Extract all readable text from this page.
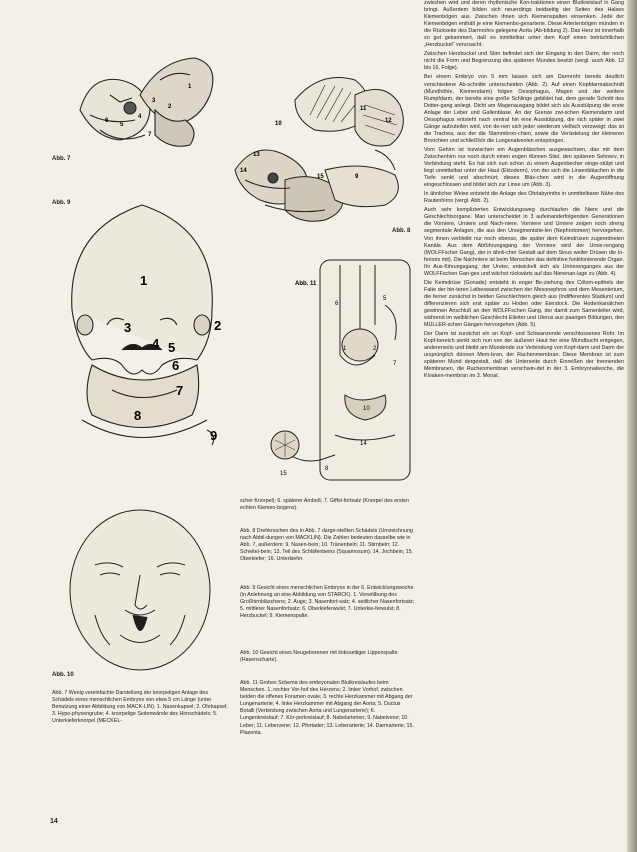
1
2
3
4
5
6
7
Abb. 7
10
11
12
13
14
15	9
Abb. 8
1
2
3
4 5
6
7
8
9
Abb. 9
Abb. 11
1	2
6
5
10
14
15
8
7
Abb. 10
scher Knorpel); 6. späterer Amboß; 7. Giffel-fortsatz (Knorpel des ersten echten Kiemen-bogens).
Abb. 8 Drehknochen des in Abb. 7 darge-stellten Schädels (Umzeichnung nach Abbil-dungen von MACKLIN). Die Zahlen bedeuten dasselbe wie in Abb. 7, außerdem: 9. Nasen-bein; 10. Tränenbein; 11. Stirnbein; 12. Scheitel-bein; 13. Teil des Schläfenbeins (Squamosum); 14. Jochbein; 15. Oberkiefer; 16. Unterkiefer.
Abb. 9 Gesicht eines menschlichen Embryos in der 6. Entwicklungswoche (in Anlehnung an eine Abbildung von STARCK). 1. Vorwölbung des Großhirnbläschens; 2. Auge; 3. Nasenfort-satz; 4. seitlicher Nasenfortsatz; 5. mittlerer Nasenfortsatz; 6. Oberkieferwulst; 7. Unterkie-ferwulst; 8. Herzbuckel; 9. Kiemenspalte.
Abb. 10 Gesicht eines Neugeborenen mit linksseitiger Lippenspalte (Hasenscharte).
Abb. 11 Grobes Schema des embryonalen Blutkreislaufes beim Menschen. 1. rechter Vor-hof des Herzens; 2. linker Vorhof, zwischen beiden die offenes Foramen ovale; 3. rechte Herzkammer mit Abgang der Lungenarterie; 4. linke Herzkammer mit Abgang der Aorta; 5. Ductus Botalli (Verbindung zwischen Aorta und Lungenarterie); 6. Lungenkreislauf; 7. Kör-perkreislauf; 8. Nabelarterien; 9. Nabelvene; 10. Leber; 11. Lebervene; 12. Pfortader; 13. Leberarterie; 14. Darmarterie; 15. Plazenta.
Abb. 7 Wenig vereinfachte Darstellung der knorpeligen Anlage des Schädels eines menschlichen Embryos von etwa 5 cm Länge (unter Benutzung einer Abbildung von MACK-LIN). 1. Nasenkapsel; 2. Ohrkapsel; 3. Hypo-physengrube; 4. knorpelige Seitenwände des Hirnschädels; 5. Unterkieferknorpel (MECKEL-

zwischen wird und deren rhythmische Kon-traktionen einen Blutkreislauf in Gang bringt. Außerdem bilden sich neuerdings beidseitig der Seiten des Halses Kiemenbögen aus. Zwischen ihnen sich Kiemenspalten einsenken. Jede der Kiemenbögen enthält je eine Kiemenbo-genarterie. Diese Arterienbögen münden in die Rückseite des Darmrohrs gelegene Aorta (Ab-bildung 2). Das Herz ist innerhalb so gut gekammert, daß es inmittelbar unter dem Kopf einen beträchtlichen „Herzbuckel“ verursacht.

Zwischen Herzbuckel und Stirn befindet sich der Eingang in den Darm, der noch nicht die Form und Begrenzung des späteren Mundes besitzt (vergl. auch Abb. 12 bis 16, Folge).

Bei einem Embryo von 5 mm lassen sich am Darmrohr bereits deutlich verschiedene Ab-schnitte unterscheiden (Abb. 2). Auf einen Kopfdarmabschnitt (Mundhöhle, Kiemendarm) folgen Oesophagus, Magen und der weitere Rumpfdarm, der bereits eine große Schlinge gebildet hat, dem gerade Schnitt des Dotter-gang anliegt. Dicht am Magenausgang bildet sich als Ausstülpung die erste Anlage der Leber und Gallenblase. An der Grenze zwi-schen Kiemendarm und Oesophagus entsteht nach ventral hin eine Ausstülpung, die sich später in zwei Gänge aufzuteilen wird, von de-nen sich jeder wiederum vielfach verzweigt: das ist die Trachea, aus der die Stammbron-chien, sowie die Verästelung der kleineren Bronchien und schließlich die Lungenalveolen entspringen.

Vom Gehirn ist inzwischen ein Augenbläschen ausgewachsen, das mit dem Zwischenhirn nur noch durch einen engen dünnen Stiel, den späteren Sehnerv, in Verbindung steht. Es hat sich nun schon zu einem Augenbecher einge-stülpt und liegt unmittelbar unter der Haut (Ektoderm), von der sich die Linsenbläschen in die Tiefe senkt und abschnürt; dieses Bläs-chen wird in die Augenöffnung eingeschlossen und bildet sich zur Linse um (Abb. 3).

In ähnlicher Weise entsteht die Anlage des Ohrlabyrinths in unmittelbarer Nähe des Rautenhirns (vergl. Abb. 2).

Auch sehr komplizierten Entwicklungsweg durchlaufen die Niere und die Geschlechtsorgane. Man unterscheidet in 3 aufeinanderfolgenden Generationen die Vorniere, Urniere und Nach-niere. Vorniere und Urniere zeigen noch streng segmentale Anlagen, die aus den Ursegmentstie-len (Nephrotomen) hervorgehen. Von ihnen verbleibt nur noch ebenso, die später dem Keimdrüsen zugeordneten Kanäle. Aus dem Abführungsgang der Vorniere wird der Urnie-rengang (WOLFFscher Gang), der in ähnli-cher Gestalt auf dem Sinus weiter Drüsen die In-ferioris mit). Die Nachniere ist beim Menschen das definitive funktionierende Organ. Ihr Aus-führungsgang, der Ureter, entwickelt sich als Urnierenganges aus der WOLFFschen Gan-ges und wächst rückwärts auf das Nierenan-lage zu (Abb. 4).

Die Keimdrüse (Gonade) entsteht in enger Be-ziehung des Cölom-epithels der Falte der hin-teren Leibeswand zwischen der Mesonephros und dem Mesenterium, die ferner zunächst in beiden Geschlechtern gleich aus (Indifferentes Stadium) und differenzieren sich erst später zu Hoden oder Eierstock. Die Hodenkanälchen gewinnen Anschluß an den WOLFFschen Gang, der damit zum Samenleiter wird, während im weiblichen Geschlecht Eileiter und Uterus aus paarigen Bildungen, den MÜLLER-schen Gängen hervorgehen (Abb. 5).

Der Darm ist zunächst ein an Kopf- und Schwanzende verschlossenes Rohr. Im Kopf-bereich senkt sich nun von der äußeren Haut her eine Mundbucht entgegen, andererseits und bleibt am Mundende zur Verbindung von Kopf-darm und Darm der ursprünglich dünnen Mem-bran, der Rachenmembran. Diese Membran ist zum späteren Mund dergestalt, daß die Unterseite durch Einreißen der trennenden Membranen, die Rachenmembran verschwin-det in der 3. Embryonalwoche, die Kloaken-membran im 3. Monat.

14
